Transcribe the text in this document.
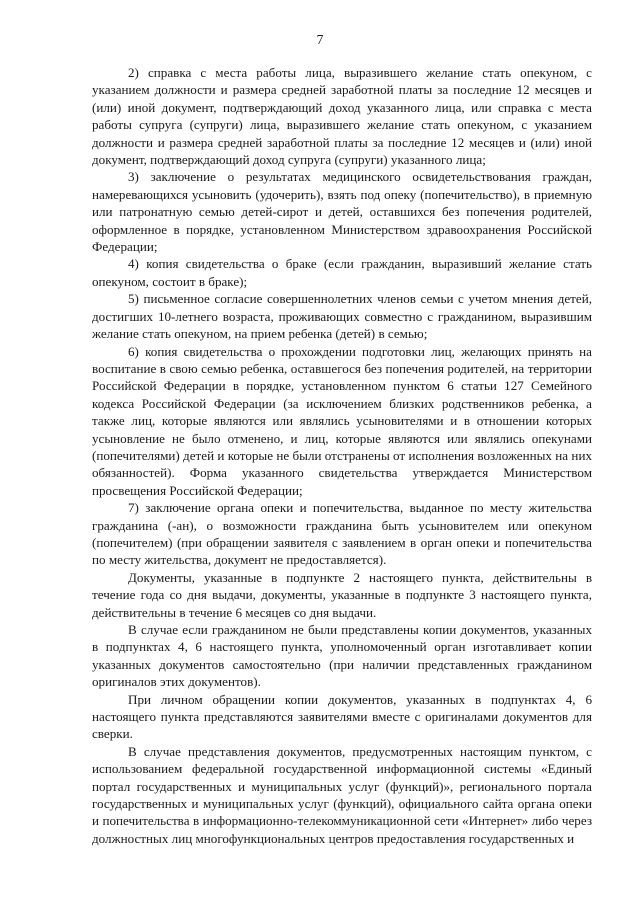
7

2) справка с места работы лица, выразившего желание стать опекуном, с указанием должности и размера средней заработной платы за последние 12 месяцев и (или) иной документ, подтверждающий доход указанного лица, или справка с места работы супруга (супруги) лица, выразившего желание стать опекуном, с указанием должности и размера средней заработной платы за последние 12 месяцев и (или) иной документ, подтверждающий доход супруга (супруги) указанного лица;

3) заключение о результатах медицинского освидетельствования граждан, намеревающихся усыновить (удочерить), взять под опеку (попечительство), в приемную или патронатную семью детей-сирот и детей, оставшихся без попечения родителей, оформленное в порядке, установленном Министерством здравоохранения Российской Федерации;

4) копия свидетельства о браке (если гражданин, выразивший желание стать опекуном, состоит в браке);

5) письменное согласие совершеннолетних членов семьи с учетом мнения детей, достигших 10-летнего возраста, проживающих совместно с гражданином, выразившим желание стать опекуном, на прием ребенка (детей) в семью;

6) копия свидетельства о прохождении подготовки лиц, желающих принять на воспитание в свою семью ребенка, оставшегося без попечения родителей, на территории Российской Федерации в порядке, установленном пунктом 6 статьи 127 Семейного кодекса Российской Федерации (за исключением близких родственников ребенка, а также лиц, которые являются или являлись усыновителями и в отношении которых усыновление не было отменено, и лиц, которые являются или являлись опекунами (попечителями) детей и которые не были отстранены от исполнения возложенных на них обязанностей). Форма указанного свидетельства утверждается Министерством просвещения Российской Федерации;

7) заключение органа опеки и попечительства, выданное по месту жительства гражданина (-ан), о возможности гражданина быть усыновителем или опекуном (попечителем) (при обращении заявителя с заявлением в орган опеки и попечительства по месту жительства, документ не предоставляется).

Документы, указанные в подпункте 2 настоящего пункта, действительны в течение года со дня выдачи, документы, указанные в подпункте 3 настоящего пункта, действительны в течение 6 месяцев со дня выдачи.

В случае если гражданином не были представлены копии документов, указанных в подпунктах 4, 6 настоящего пункта, уполномоченный орган изготавливает копии указанных документов самостоятельно (при наличии представленных гражданином оригиналов этих документов).

При личном обращении копии документов, указанных в подпунктах 4, 6 настоящего пункта представляются заявителями вместе с оригиналами документов для сверки.

В случае представления документов, предусмотренных настоящим пунктом, с использованием федеральной государственной информационной системы «Единый портал государственных и муниципальных услуг (функций)», регионального портала государственных и муниципальных услуг (функций), официального сайта органа опеки и попечительства в информационно-телекоммуникационной сети «Интернет» либо через должностных лиц многофункциональных центров предоставления государственных и
